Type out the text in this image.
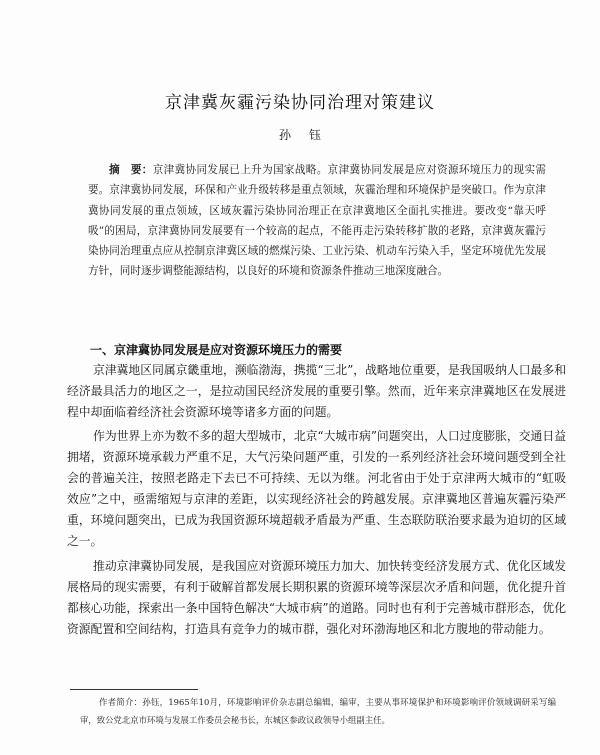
京津冀灰霾污染协同治理对策建议
孙钰

摘　要：京津冀协同发展已上升为国家战略。京津冀协同发展是应对资源环境压力的现实需要。京津冀协同发展，环保和产业升级转移是重点领域，灰霾治理和环境保护是突破口。作为京津冀协同发展的重点领域，区域灰霾污染协同治理正在京津冀地区全面扎实推进。要改变“靠天呼吸”的困局，京津冀协同发展要有一个较高的起点，不能再走污染转移扩散的老路，京津冀灰霾污染协同治理重点应从控制京津冀区域的燃煤污染、工业污染、机动车污染入手，坚定环境优先发展方针，同时逐步调整能源结构，以良好的环境和资源条件推动三地深度融合。

一、京津冀协同发展是应对资源环境压力的需要

京津冀地区同属京畿重地，濒临渤海，携揽“三北”，战略地位重要，是我国吸纳人口最多和经济最具活力的地区之一，是拉动国民经济发展的重要引擎。然而，近年来京津冀地区在发展进程中却面临着经济社会资源环境等诸多方面的问题。

作为世界上亦为数不多的超大型城市，北京“大城市病”问题突出，人口过度膨胀，交通日益拥堵，资源环境承载力严重不足，大气污染问题严重，引发的一系列经济社会环境问题受到全社会的普遍关注，按照老路走下去已不可持续、无以为继。河北省由于处于京津两大城市的“虹吸效应”之中，亟需缩短与京津的差距，以实现经济社会的跨越发展。京津冀地区普遍灰霾污染严重，环境问题突出，已成为我国资源环境超载矛盾最为严重、生态联防联治要求最为迫切的区域之一。

推动京津冀协同发展，是我国应对资源环境压力加大、加快转变经济发展方式、优化区域发展格局的现实需要，有利于破解首都发展长期积累的资源环境等深层次矛盾和问题，优化提升首都核心功能，探索出一条中国特色解决“大城市病”的道路。同时也有利于完善城市群形态，优化资源配置和空间结构，打造具有竞争力的城市群，强化对环渤海地区和北方腹地的带动能力。

作者简介：孙钰，1965年10月，环境影响评价杂志副总编辑，编审，主要从事环境保护和环境影响评价领域调研采写编审，致公党北京市环境与发展工作委员会秘书长，东城区参政议政领导小组副主任。
